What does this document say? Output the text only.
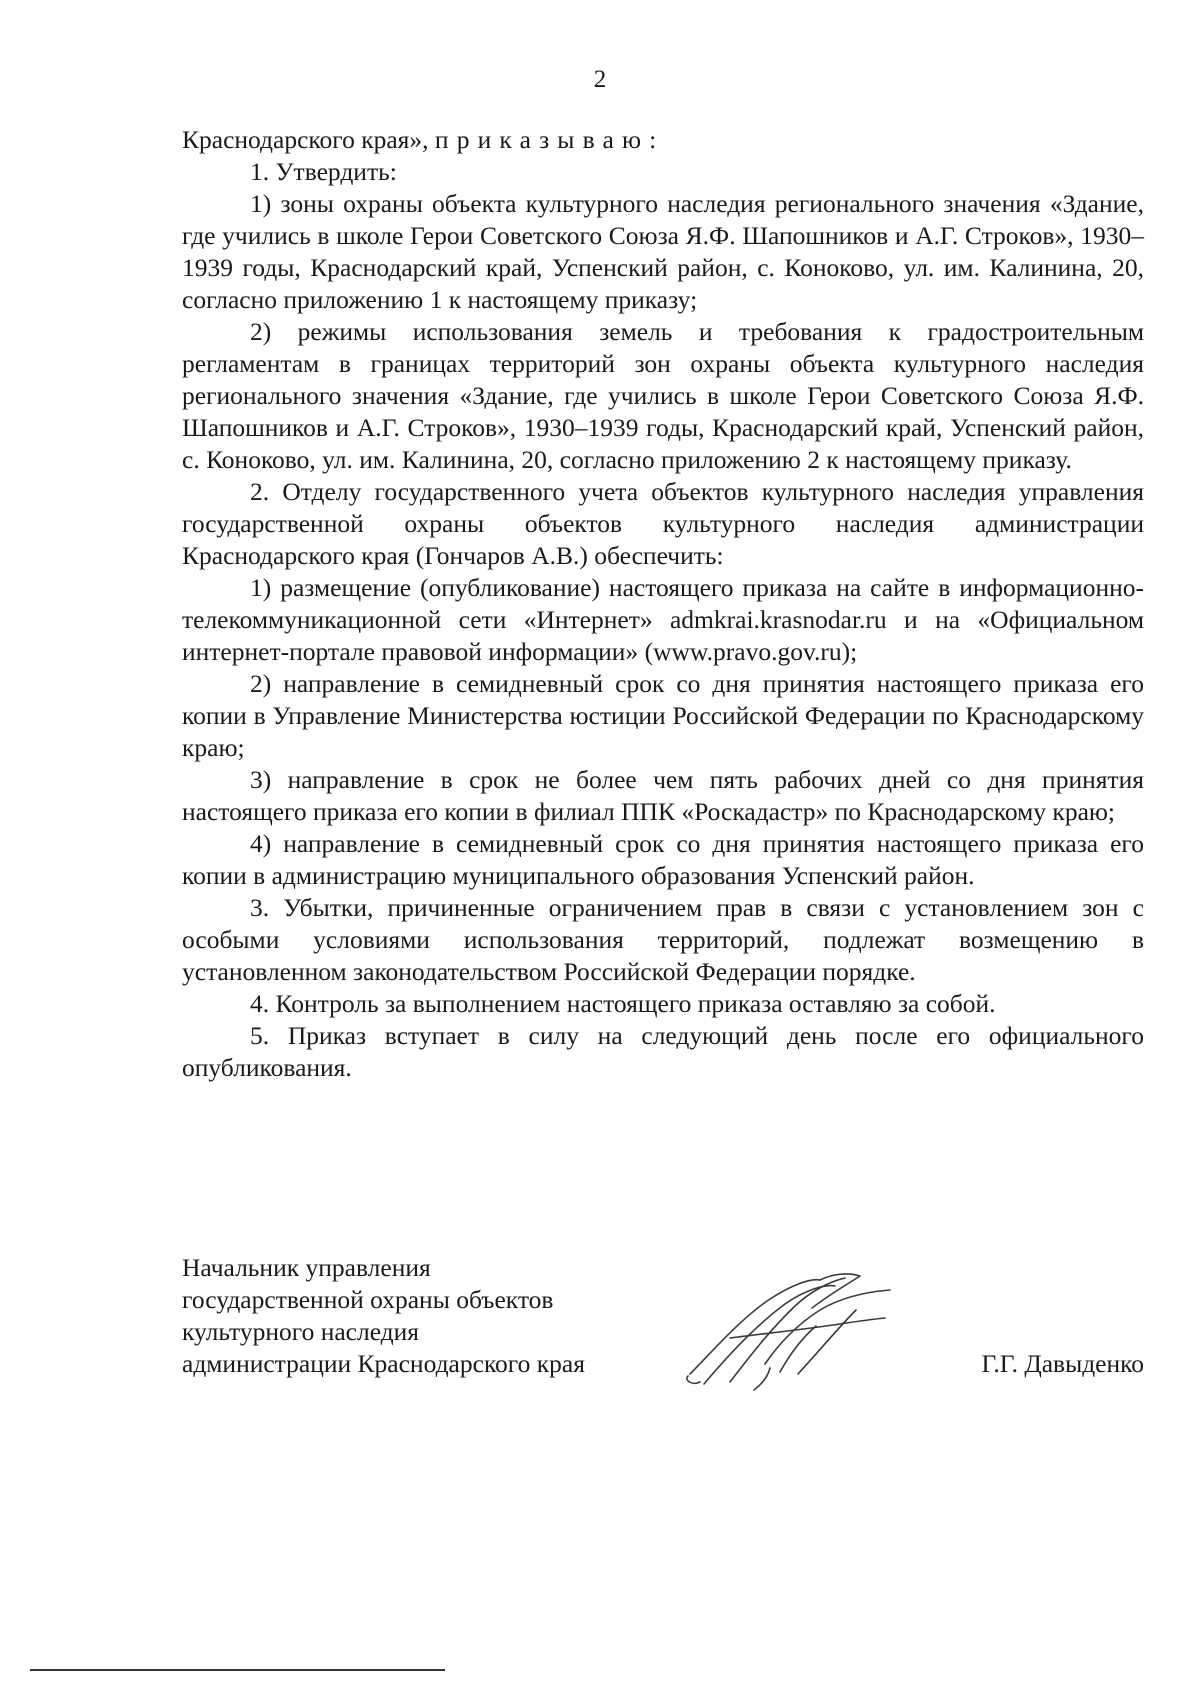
2

Краснодарского края», приказываю:

1. Утвердить:

1) зоны охраны объекта культурного наследия регионального значения «Здание, где учились в школе Герои Советского Союза Я.Ф. Шапошников и А.Г. Строков», 1930–1939 годы, Краснодарский край, Успенский район, с. Коноково, ул. им. Калинина, 20, согласно приложению 1 к настоящему приказу;

2) режимы использования земель и требования к градостроительным регламентам в границах территорий зон охраны объекта культурного наследия регионального значения «Здание, где учились в школе Герои Советского Союза Я.Ф. Шапошников и А.Г. Строков», 1930–1939 годы, Краснодарский край, Успенский район, с. Коноково, ул. им. Калинина, 20, согласно приложению 2 к настоящему приказу.

2. Отделу государственного учета объектов культурного наследия управления государственной охраны объектов культурного наследия администрации Краснодарского края (Гончаров А.В.) обеспечить:

1) размещение (опубликование) настоящего приказа на сайте в информационно-телекоммуникационной сети «Интернет» admkrai.krasnodar.ru и на «Официальном интернет-портале правовой информации» (www.pravo.gov.ru);

2) направление в семидневный срок со дня принятия настоящего приказа его копии в Управление Министерства юстиции Российской Федерации по Краснодарскому краю;

3) направление в срок не более чем пять рабочих дней со дня принятия настоящего приказа его копии в филиал ППК «Роскадастр» по Краснодарскому краю;

4) направление в семидневный срок со дня принятия настоящего приказа его копии в администрацию муниципального образования Успенский район.

3. Убытки, причиненные ограничением прав в связи с установлением зон с особыми условиями использования территорий, подлежат возмещению в установленном законодательством Российской Федерации порядке.

4. Контроль за выполнением настоящего приказа оставляю за собой.

5. Приказ вступает в силу на следующий день после его официального опубликования.

Начальник управления
государственной охраны объектов
культурного наследия
администрации Краснодарского края	Г.Г. Давыденко
